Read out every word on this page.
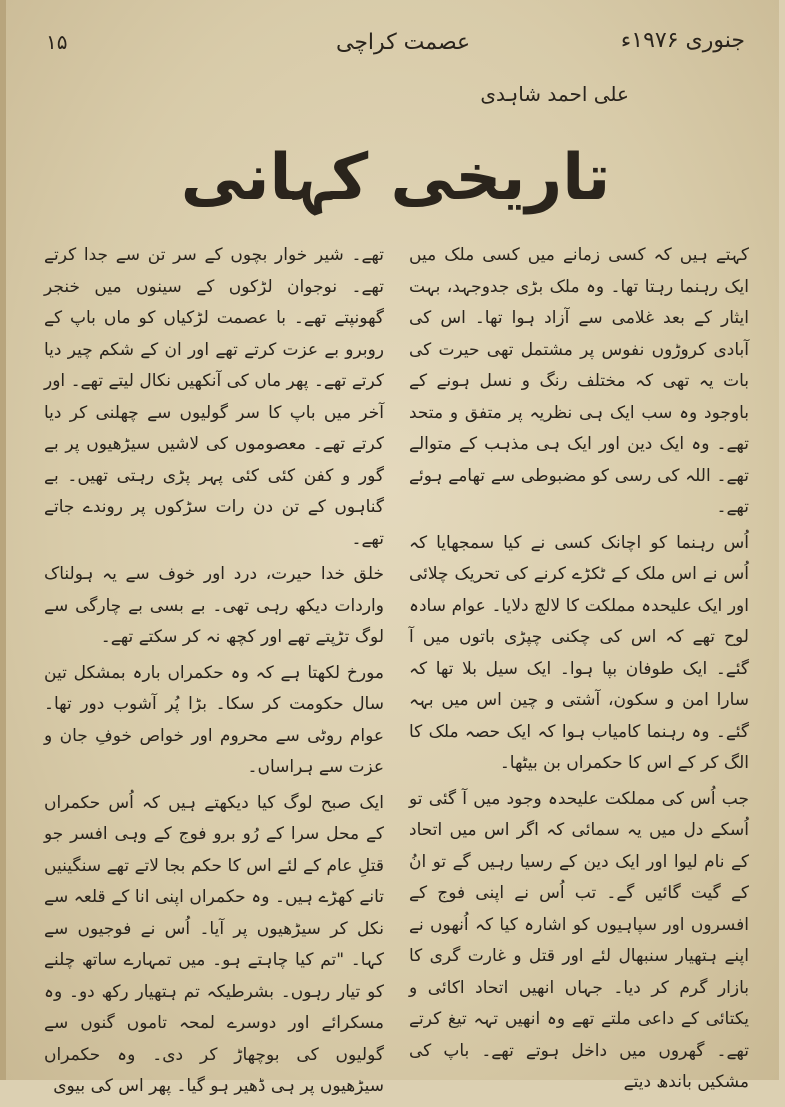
۱۵	عصمت کراچی	جنوری ۱۹۷۶ء
علی احمد شاہدی
تاریخی کہانی

کہتے ہیں کہ کسی زمانے میں کسی ملک میں ایک رہنما رہتا تھا۔ وہ ملک بڑی جدوجہد، بہت ایثار کے بعد غلامی سے آزاد ہوا تھا۔ اس کی آبادی کروڑوں نفوس پر مشتمل تھی حیرت کی بات یہ تھی کہ مختلف رنگ و نسل ہونے کے باوجود وہ سب ایک ہی نظریہ پر متفق و متحد تھے۔ وہ ایک دین اور ایک ہی مذہب کے متوالے تھے۔ اللہ کی رسی کو مضبوطی سے تھامے ہوئے تھے۔

اُس رہنما کو اچانک کسی نے کیا سمجھایا کہ اُس نے اس ملک کے ٹکڑے کرنے کی تحریک چلائی اور ایک علیحدہ مملکت کا لالچ دلایا۔ عوام سادہ لوح تھے کہ اس کی چکنی چپڑی باتوں میں آ گئے۔ ایک طوفان بپا ہوا۔ ایک سیل بلا تھا کہ سارا امن و سکون، آشتی و چین اس میں بہہ گئے۔ وہ رہنما کامیاب ہوا کہ ایک حصہ ملک کا الگ کر کے اس کا حکمراں بن بیٹھا۔

جب اُس کی مملکت علیحدہ وجود میں آ گئی تو اُسکے دل میں یہ سمائی کہ اگر اس میں اتحاد کے نام لیوا اور ایک دین کے رسیا رہیں گے تو انُ کے گیت گائیں گے۔ تب اُس نے اپنی فوج کے افسروں اور سپاہیوں کو اشارہ کیا کہ اُنھوں نے اپنے ہتھیار سنبھال لئے اور قتل و غارت گری کا بازار گرم کر دیا۔ جہاں انھیں اتحاد اکائی و یکتائی کے داعی ملتے تھے وہ انھیں تہہ تیغ کرتے تھے۔ گھروں میں داخل ہوتے تھے۔ باپ کی مشکیں باندھ دیتے

تھے۔ شیر خوار بچوں کے سر تن سے جدا کرتے تھے۔ نوجوان لڑکوں کے سینوں میں خنجر گھونپتے تھے۔ با عصمت لڑکیاں کو ماں باپ کے روبرو بے عزت کرتے تھے اور ان کے شکم چیر دیا کرتے تھے۔ پھر ماں کی آنکھیں نکال لیتے تھے۔ اور آخر میں باپ کا سر گولیوں سے چھلنی کر دیا کرتے تھے۔ معصوموں کی لاشیں سیڑھیوں پر بے گور و کفن کئی کئی پہر پڑی رہتی تھیں۔ بے گناہوں کے تن دن رات سڑکوں پر روندے جاتے تھے۔

خلق خدا حیرت، درد اور خوف سے یہ ہولناک واردات دیکھ رہی تھی۔ بے بسی بے چارگی سے لوگ تڑپتے تھے اور کچھ نہ کر سکتے تھے۔

مورخ لکھتا ہے کہ وہ حکمراں بارہ بمشکل تین سال حکومت کر سکا۔ بڑا پُر آشوب دور تھا۔ عوام روٹی سے محروم اور خواص خوفِ جان و عزت سے ہراساں۔

ایک صبح لوگ کیا دیکھتے ہیں کہ اُس حکمراں کے محل سرا کے رُو برو فوج کے وہی افسر جو قتلِ عام کے لئے اس کا حکم بجا لاتے تھے سنگینیں تانے کھڑے ہیں۔ وہ حکمراں اپنی انا کے قلعہ سے نکل کر سیڑھیوں پر آیا۔ اُس نے فوجیوں سے کہا۔ "تم کیا چاہتے ہو۔ میں تمہارے ساتھ چلنے کو تیار رہوں۔ بشرطیکہ تم ہتھیار رکھ دو۔ وہ مسکرائے اور دوسرے لمحہ تاموں گنوں سے گولیوں کی بوچھاڑ کر دی۔ وہ حکمراں سیڑھیوں پر ہی ڈھیر ہو گیا۔ پھر اس کی بیوی
